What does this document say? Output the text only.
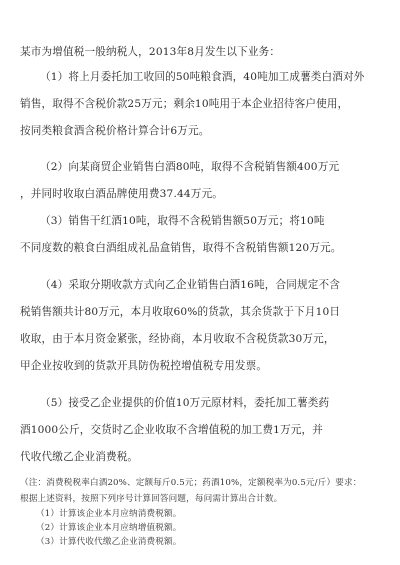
某市为增值税一般纳税人，2013年8月发生以下业务：
（1）将上月委托加工收回的50吨粮食酒，40吨加工成薯类白酒对外
销售，取得不含税价款25万元；剩余10吨用于本企业招待客户使用，
按同类粮食酒含税价格计算合计6万元。
（2）向某商贸企业销售白酒80吨，取得不含税销售额400万元
，并同时收取白酒品牌使用费37.44万元。
（3）销售干红酒10吨，取得不含税销售额50万元；将10吨
不同度数的粮食白酒组成礼品盒销售，取得不含税销售额120万元。
（4）采取分期收款方式向乙企业销售白酒16吨，合同规定不含
税销售额共计80万元，本月收取60%的货款，其余货款于下月10日
收取，由于本月资金紧张，经协商，本月收取不含税货款30万元，
甲企业按收到的货款开具防伪税控增值税专用发票。
（5）接受乙企业提供的价值10万元原材料，委托加工薯类药
酒1000公斤，交货时乙企业收取不含增值税的加工费1万元，并
代收代缴乙企业消费税。
（注：消费税税率白酒20%、定额每斤0.5元；药酒10%，定额税率为0.5元/斤）要求：
根据上述资料，按照下列序号计算回答问题，每问需计算出合计数。
（1）计算该企业本月应纳消费税额。
（2）计算该企业本月应纳增值税额。
（3）计算代收代缴乙企业消费税额。
